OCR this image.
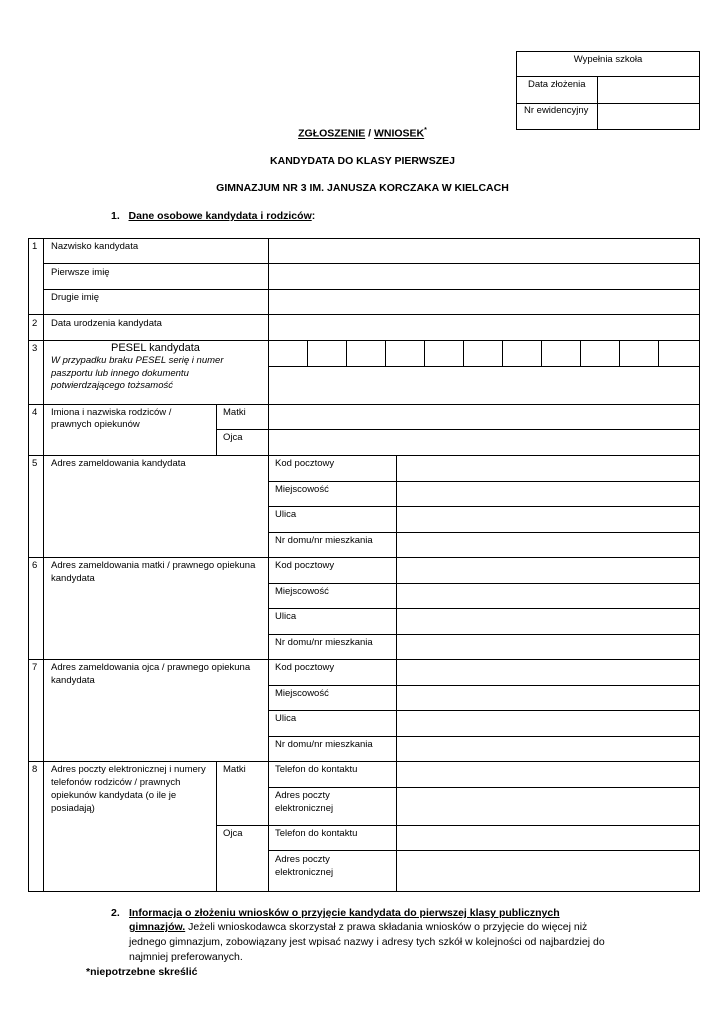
Wypełnia szkoła
Data złożenia
Nr ewidencyjny
ZGŁOSZENIE / WNIOSEK*
KANDYDATA DO KLASY PIERWSZEJ
GIMNAZJUM NR 3 IM. JANUSZA KORCZAKA W KIELCACH
1. Dane osobowe kandydata i rodziców:
1 Nazwisko kandydata
Pierwsze imię
Drugie imię
2 Data urodzenia kandydata
3	PESEL kandydata
W przypadku braku PESEL serię i numer
paszportu lub innego dokumentu
potwierdzającego tożsamość
4 Imiona i nazwiska rodziców /
prawnych opiekunów
Matki
Ojca
5 Adres zameldowania kandydata	Kod pocztowy
Miejscowość
Ulica
Nr domu/nr mieszkania
6 Adres zameldowania matki / prawnego opiekuna
kandydata
Kod pocztowy
Miejscowość
Ulica
Nr domu/nr mieszkania
7 Adres zameldowania ojca / prawnego opiekuna
kandydata
Kod pocztowy
Miejscowość
Ulica
Nr domu/nr mieszkania
8 Adres poczty elektronicznej i numery
telefonów rodziców / prawnych
opiekunów kandydata (o ile je
posiadają)
Matki	Telefon do kontaktu
Adres poczty
elektronicznej
Ojca	Telefon do kontaktu
Adres poczty
elektronicznej
2. Informacja o złożeniu wniosków o przyjęcie kandydata do pierwszej klasy publicznych
gimnazjów. Jeżeli wnioskodawca skorzystał z prawa składania wniosków o przyjęcie do więcej niż
jednego gimnazjum, zobowiązany jest wpisać nazwy i adresy tych szkół w kolejności od najbardziej do
najmniej preferowanych.
*niepotrzebne skreślić
